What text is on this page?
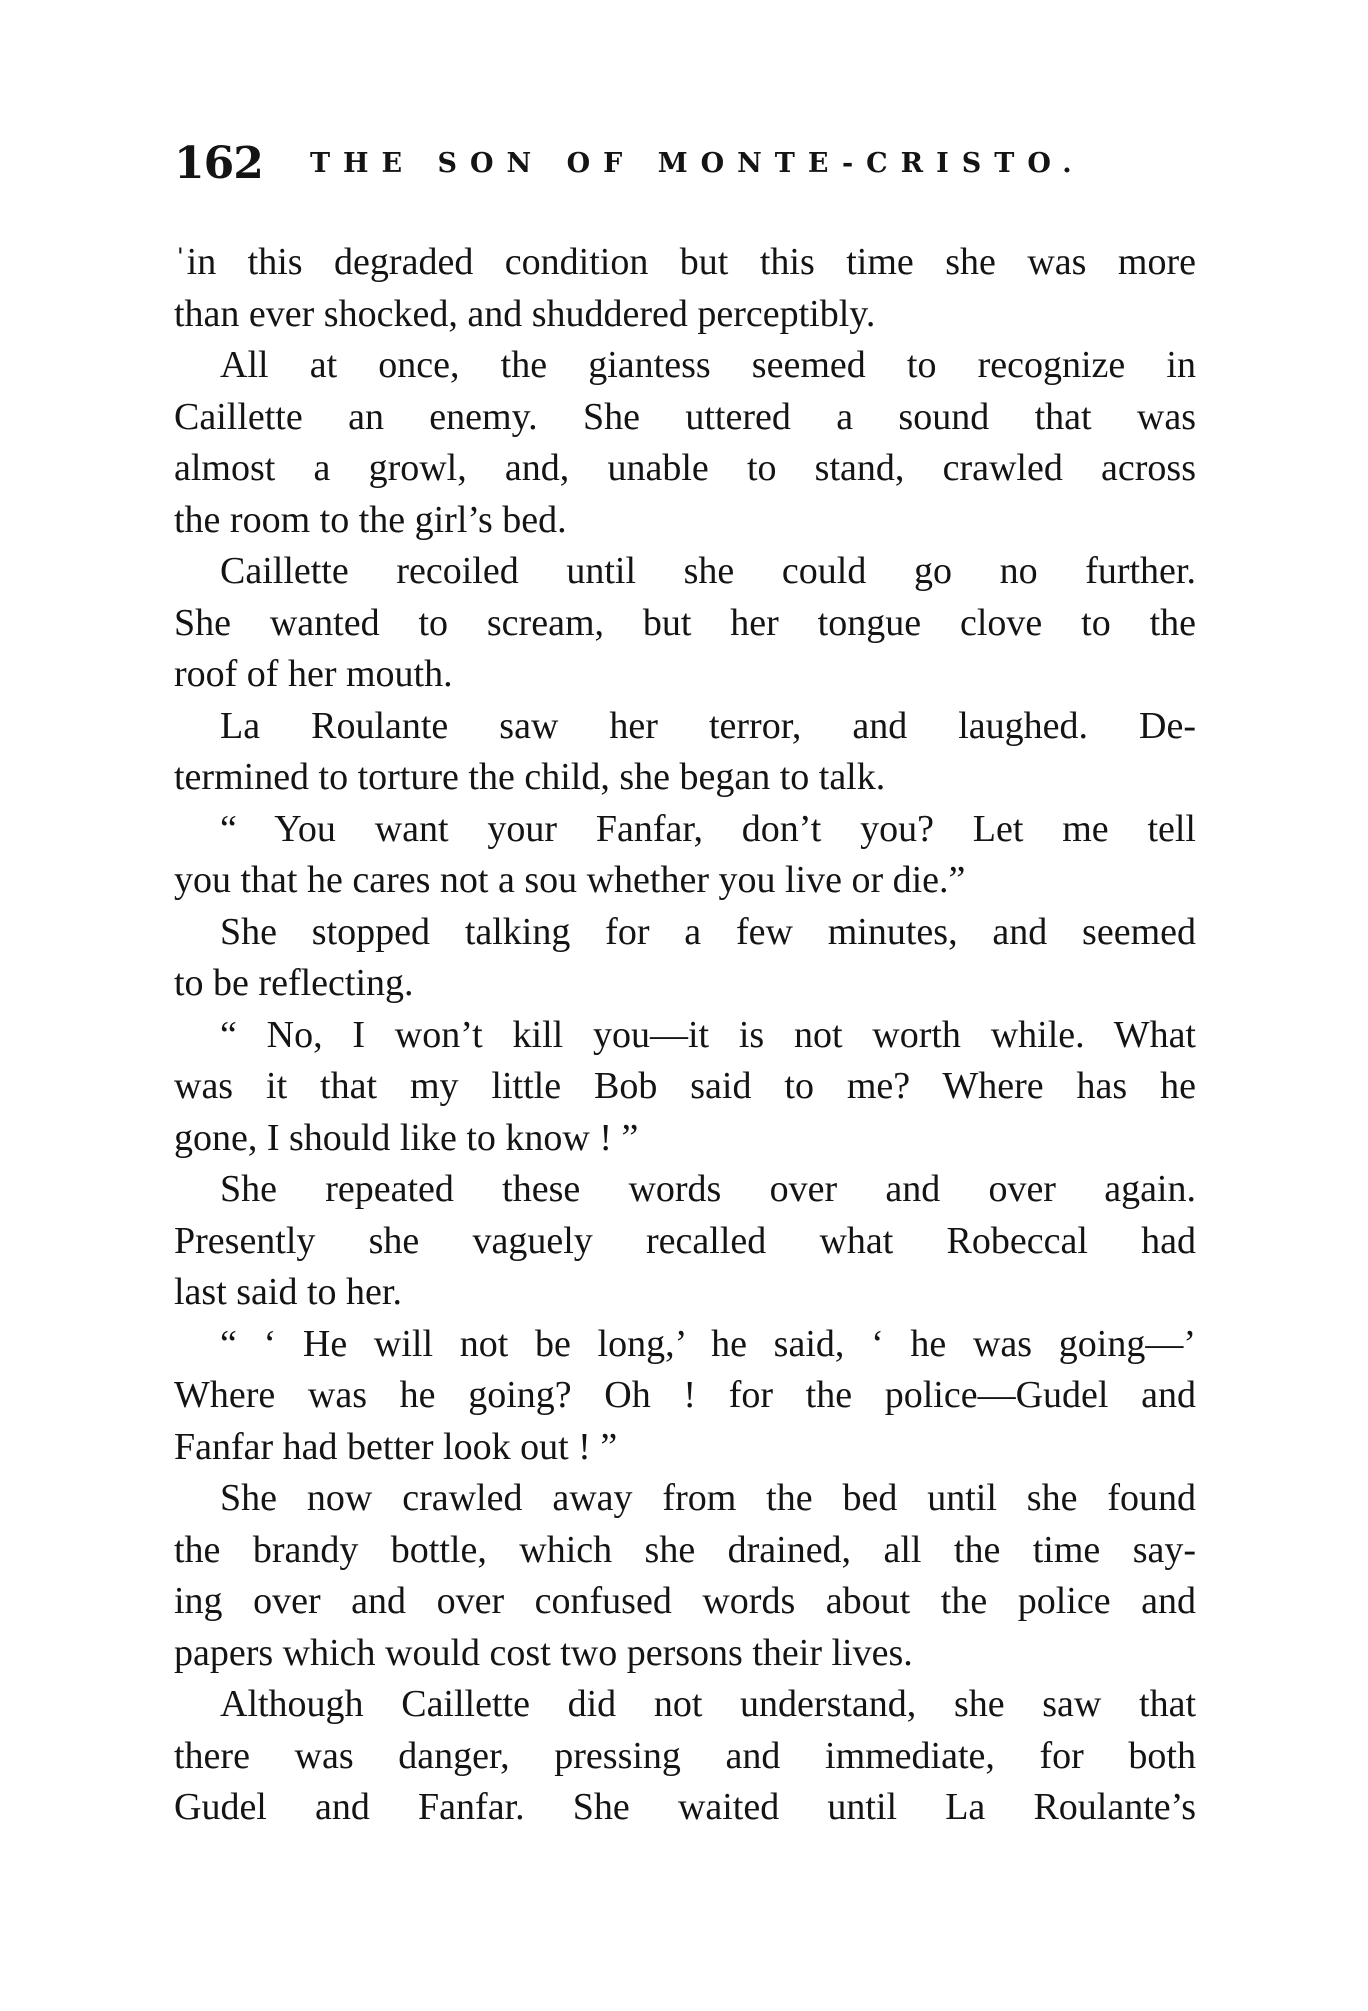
162 THE SON OF MONTE-CRISTO.
ˈin this degraded condition but this time she was more
than ever shocked, and shuddered perceptibly.
All at once, the giantess seemed to recognize in
Caillette an enemy. She uttered a sound that was
almost a growl, and, unable to stand, crawled across
the room to the girl’s bed.
Caillette recoiled until she could go no further.
She wanted to scream, but her tongue clove to the
roof of her mouth.
La Roulante saw her terror, and laughed. De-
termined to torture the child, she began to talk.
“ You want your Fanfar, don’t you? Let me tell
you that he cares not a sou whether you live or die.”
She stopped talking for a few minutes, and seemed
to be reflecting.
“ No, I won’t kill you—it is not worth while. What
was it that my little Bob said to me? Where has he
gone, I should like to know ! ”
She repeated these words over and over again.
Presently she vaguely recalled what Robeccal had
last said to her.
“ ‘ He will not be long,’ he said, ‘ he was going—’
Where was he going? Oh ! for the police—Gudel and
Fanfar had better look out ! ”
She now crawled away from the bed until she found
the brandy bottle, which she drained, all the time say-
ing over and over confused words about the police and
papers which would cost two persons their lives.
Although Caillette did not understand, she saw that
there was danger, pressing and immediate, for both
Gudel and Fanfar. She waited until La Roulante’s
